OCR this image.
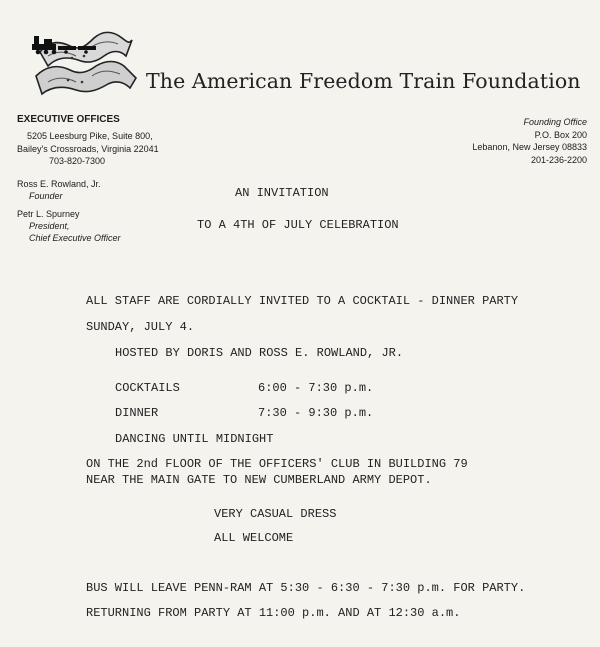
The American Freedom Train Foundation
EXECUTIVE OFFICES
5205 Leesburg Pike, Suite 800,
Bailey's Crossroads, Virginia 22041
703-820-7300
Founding Office
P.O. Box 200
Lebanon, New Jersey 08833
201-236-2200
Ross E. Rowland, Jr.
Founder
Petr L. Spurney
President,
Chief Executive Officer
AN INVITATION
TO A 4TH OF JULY CELEBRATION
ALL STAFF ARE CORDIALLY INVITED TO A COCKTAIL - DINNER PARTY
SUNDAY, JULY 4.
HOSTED BY DORIS AND ROSS E. ROWLAND, JR.
COCKTAILS	6:00 - 7:30 p.m.
DINNER	7:30 - 9:30 p.m.
DANCING UNTIL MIDNIGHT
ON THE 2nd FLOOR OF THE OFFICERS' CLUB IN BUILDING 79
NEAR THE MAIN GATE TO NEW CUMBERLAND ARMY DEPOT.
VERY CASUAL DRESS
ALL WELCOME
BUS WILL LEAVE PENN-RAM AT 5:30 - 6:30 - 7:30 p.m. FOR PARTY.
RETURNING FROM PARTY AT 11:00 p.m. AND AT 12:30 a.m.
